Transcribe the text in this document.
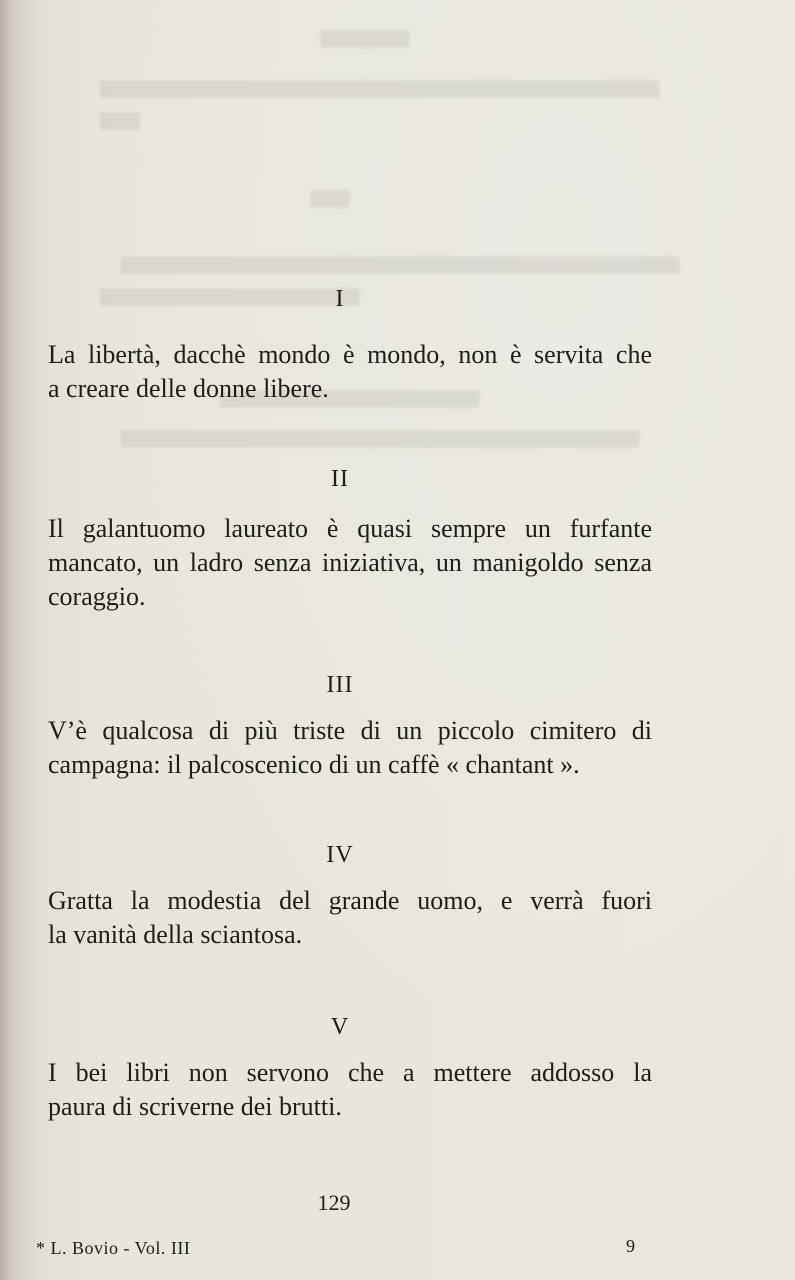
I
La libertà, dacchè mondo è mondo, non è servita che
a creare delle donne libere.
II
Il galantuomo laureato è quasi sempre un furfante
mancato, un ladro senza iniziativa, un manigoldo senza
coraggio.
III
V’è qualcosa di più triste di un piccolo cimitero di
campagna: il palcoscenico di un caffè « chantant ».
IV
Gratta la modestia del grande uomo, e verrà fuori
la vanità della sciantosa.
V
I bei libri non servono che a mettere addosso la
paura di scriverne dei brutti.
129
* L. Bovio - Vol. III	9
